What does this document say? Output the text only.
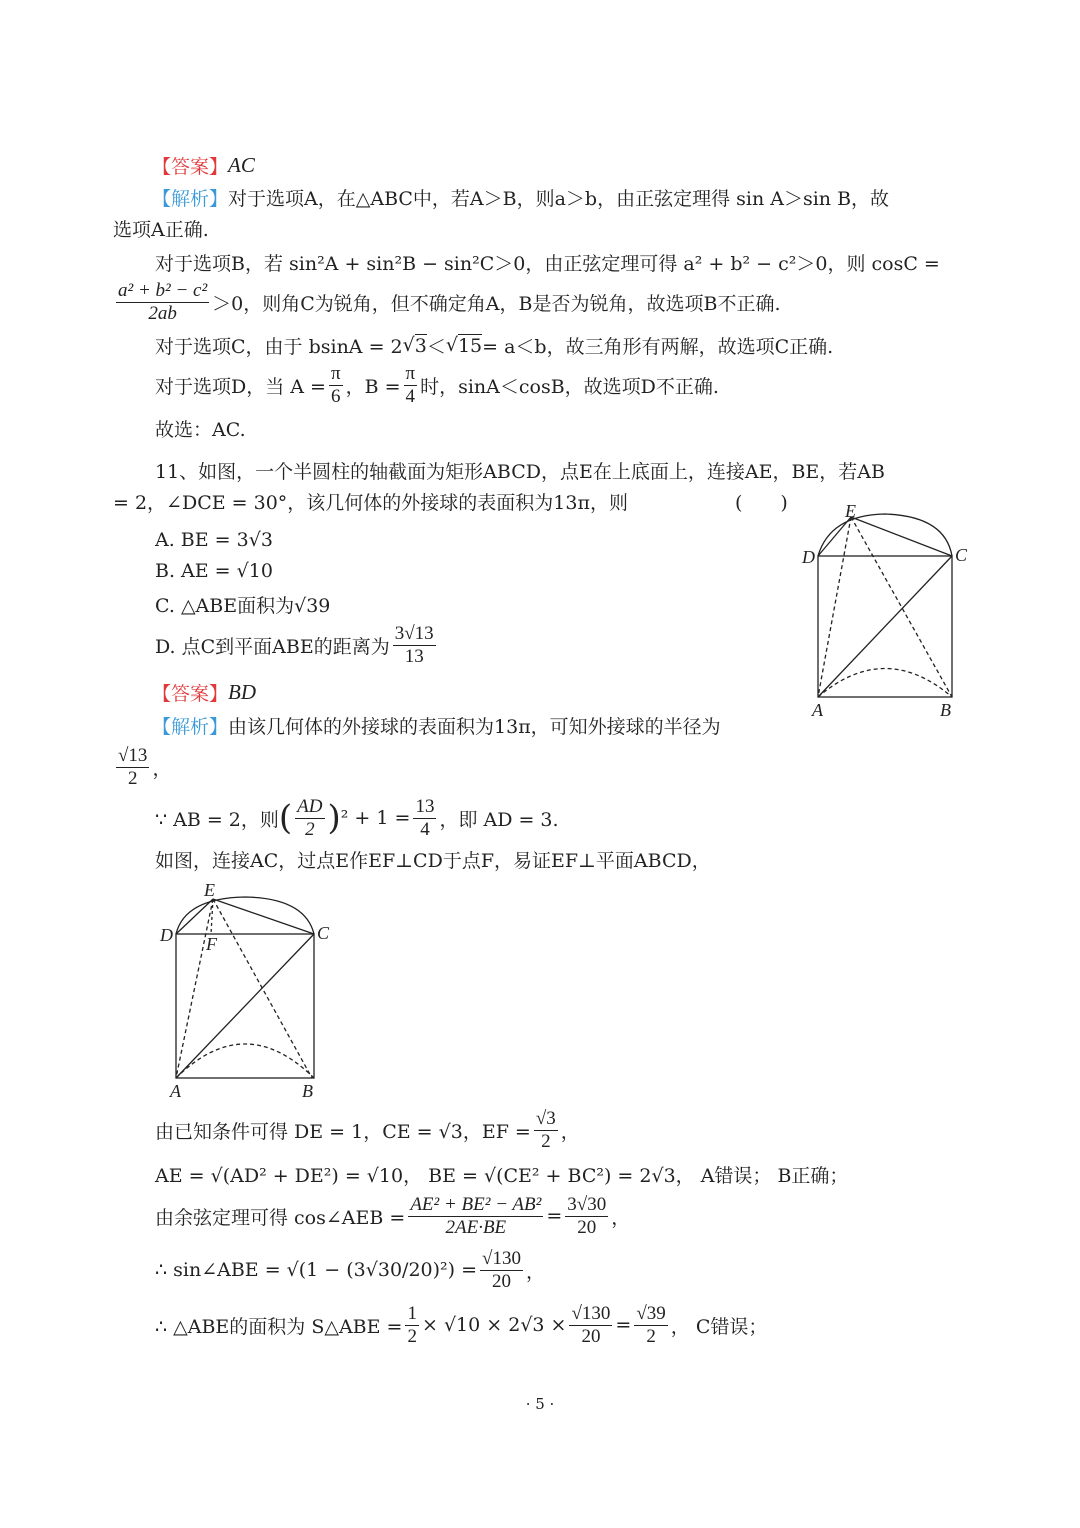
【答案】 AC
【解析】 对于选项A，在△ABC中，若A＞B，则a＞b，由正弦定理得 sin A＞sin B，故
选项A正确.
对于选项B，若 sin²A + sin²B − sin²C＞0，由正弦定理可得 a² + b² − c²＞0，则 cosC =
$\frac{\text{a² + b² − c²}}{2ab} >0$，则角C为锐角，但不确定角A，B是否为锐角，故选项B不正确.
对于选项C，由于 bsinA = 2 √ 3 ＜ √ 15 = a＜b，故三角形有两解，故选项C正确.
对于选项D，当 $A = \frac{\pi}{6}$ ，$B = \frac{\pi}{4}$ 时，sinA＜cosB，故选项D不正确.
故选：AC.
11、如图，一个半圆柱的轴截面为矩形ABCD，点E在上底面上，连接AE，BE，若AB
= 2，∠DCE = 30°，该几何体的外接球的表面积为13π，则	(　　)
A. BE = 3√3
B. AE = √10
C. △ABE面积为√39
D. 点C到平面ABE的距离为 $\frac{3√13}{13}$
【答案】 BD
【解析】 由该几何体的外接球的表面积为13π，可知外接球的半径为
$\frac{√13}{2}$ ，
∵ AB = 2，则 ( $\frac{AD}{2}$ ) $^2 + 1 = \frac{13}{4}$ ，即 AD = 3.
如图，连接AC，过点E作EF⊥CD于点F，易证EF⊥平面ABCD，
由已知条件可得 DE = 1，CE = √3，EF = $\frac{√3}{2}$ ，
AE = √(AD² + DE²) = √10， BE = √(CE² + BC²) = 2√3， A错误； B正确；
由余弦定理可得 cos∠AEB = $\frac{\text{AE² + BE² − AB²}}{2AE\cdot BE} = \frac{3√30}{20}$ ，
∴ sin∠ABE = $√(1 - (3√30/20)^2) = \frac{√130}{20}$ ，
∴ △ABE的面积为 S△ABE = $\frac{1}{2} \times √10 \times 2√3 \times \frac{√130}{20} = \frac{√39}{2}$ ， C错误；
E
D	C
A	B
E
D F
C
A	B
· 5 ·
